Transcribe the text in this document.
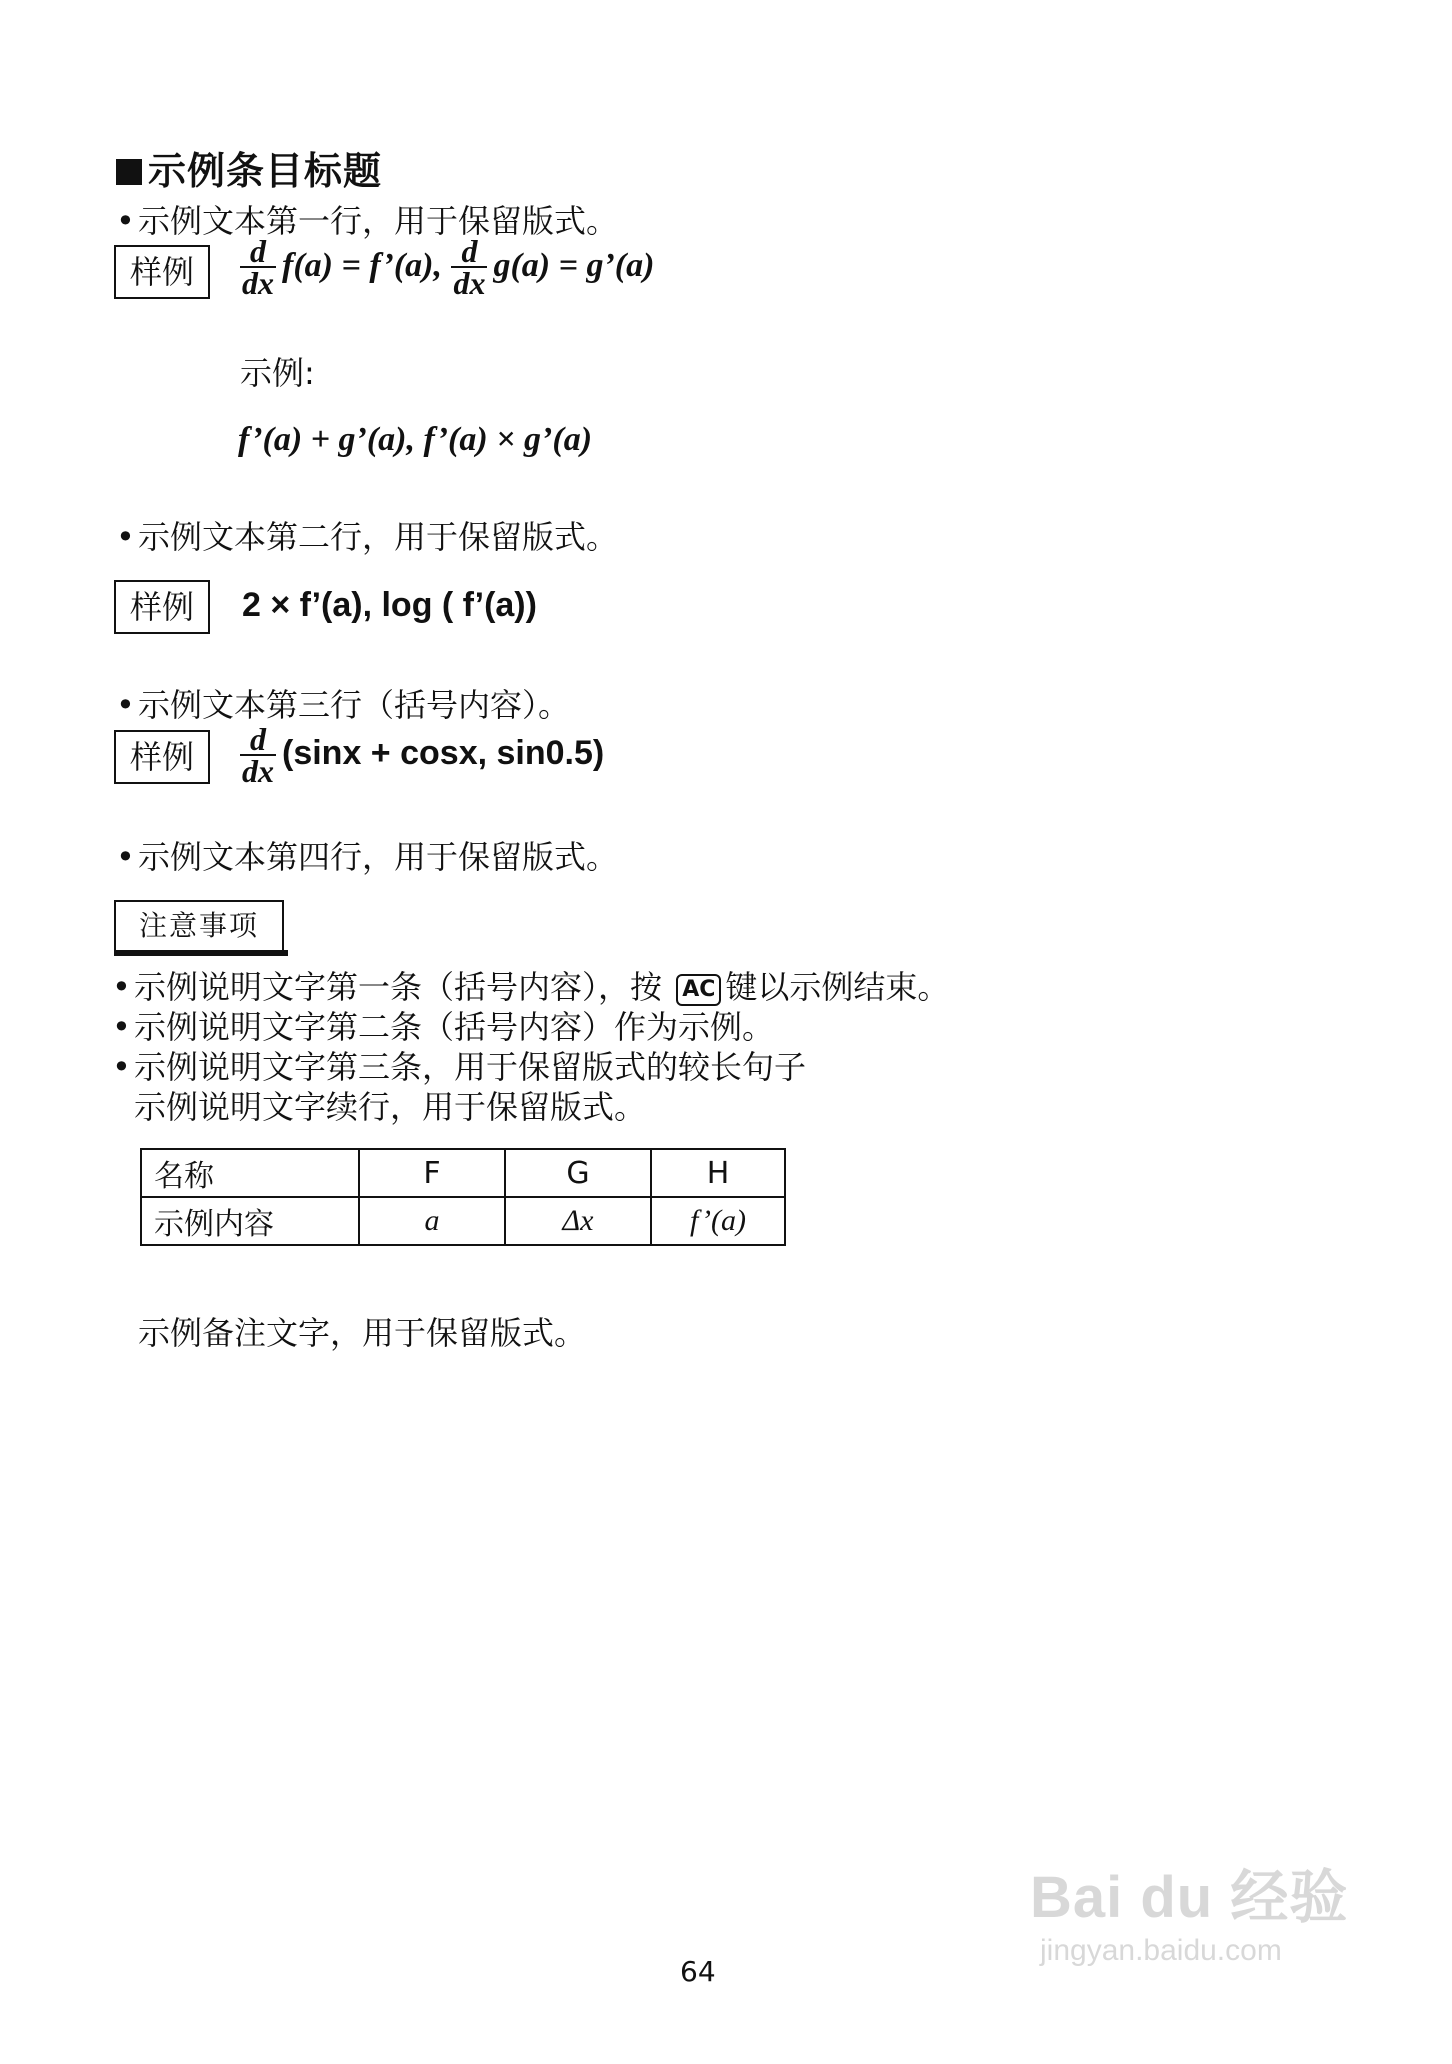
示例条目标题
•示例文本第一行，用于保留版式。
样例	$\frac{d}{dx} f(a)$ = f’(a), $\frac{d}{dx} g(a)$ = g’(a)
示例:
f’(a) + g’(a), f’(a) × g’(a)
•示例文本第二行，用于保留版式。
样例	2 × f’(a), log ( f’(a))
•示例文本第三行（括号内容）。
样例	$\frac{d}{dx} (\sin x + \cos x$, sin0.5)
•示例文本第四行，用于保留版式。
注意事项
•示例说明文字第一条（括号内容），按 AC 键以示例结束。
•示例说明文字第二条（括号内容）作为示例。
•示例说明文字第三条，用于保留版式的较长句子
示例说明文字续行，用于保留版式。
名称	F	G	H
示例内容	a	Δx	f’(a)
示例备注文字，用于保留版式。
64
Bai du 经验
jingyan.baidu.com
